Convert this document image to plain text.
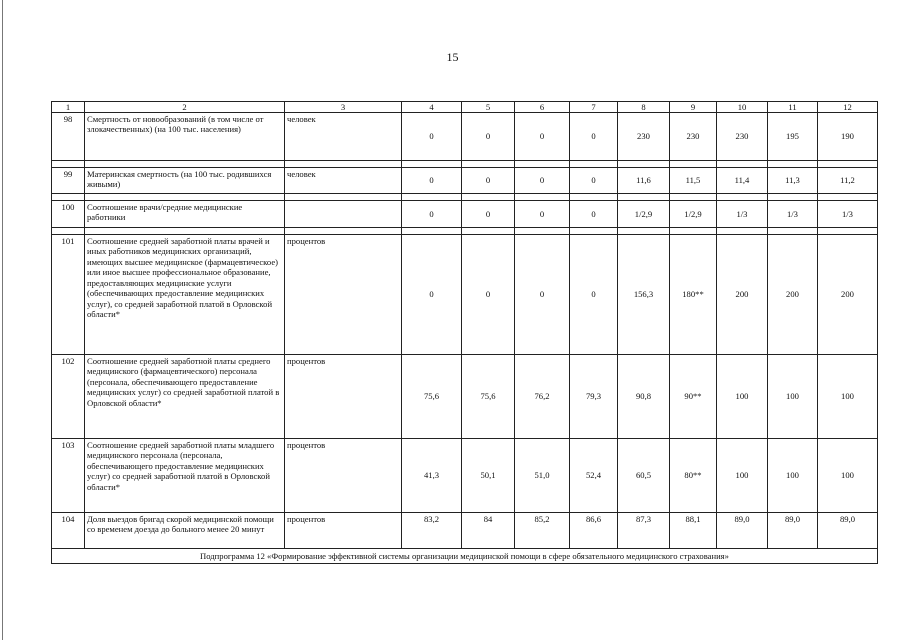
15
1	2	3	4	5	6	7	8	9	10	11	12
98	Смертность от новообразований (в том числе от злокачественных) (на 100 тыс. населения)	человек	0	0	0	0	230	230	230	195	190

99	Материнская смертность (на 100 тыс. родившихся живыми)	человек	0	0	0	0	11,6	11,5	11,4	11,3	11,2

100	Соотношение врачи/средние медицинские работники		0	0	0	0	1/2,9	1/2,9	1/3	1/3	1/3

101	Соотношение средней заработной платы врачей и иных работников медицинских организаций, имеющих высшее медицинское (фармацевтическое) или иное высшее профессиональное образование, предоставляющих медицинские услуги (обеспечивающих предоставление медицинских услуг), со средней заработной платой в Орловской области*	процентов	0	0	0	0	156,3	180**	200	200	200
102	Соотношение средней заработной платы среднего медицинского (фармацевтического) персонала (персонала, обеспечивающего предоставление медицинских услуг) со средней заработной платой в Орловской области*	процентов	75,6	75,6	76,2	79,3	90,8	90**	100	100	100
103	Соотношение средней заработной платы младшего медицинского персонала (персонала, обеспечивающего предоставление медицинских услуг) со средней заработной платой в Орловской области*	процентов	41,3	50,1	51,0	52,4	60,5	80**	100	100	100
104	Доля выездов бригад скорой медицинской помощи со временем доезда до больного менее 20 минут	процентов	83,2	84	85,2	86,6	87,3	88,1	89,0	89,0	89,0
Подпрограмма 12 «Формирование эффективной системы организации медицинской помощи в сфере обязательного медицинского страхования»											
